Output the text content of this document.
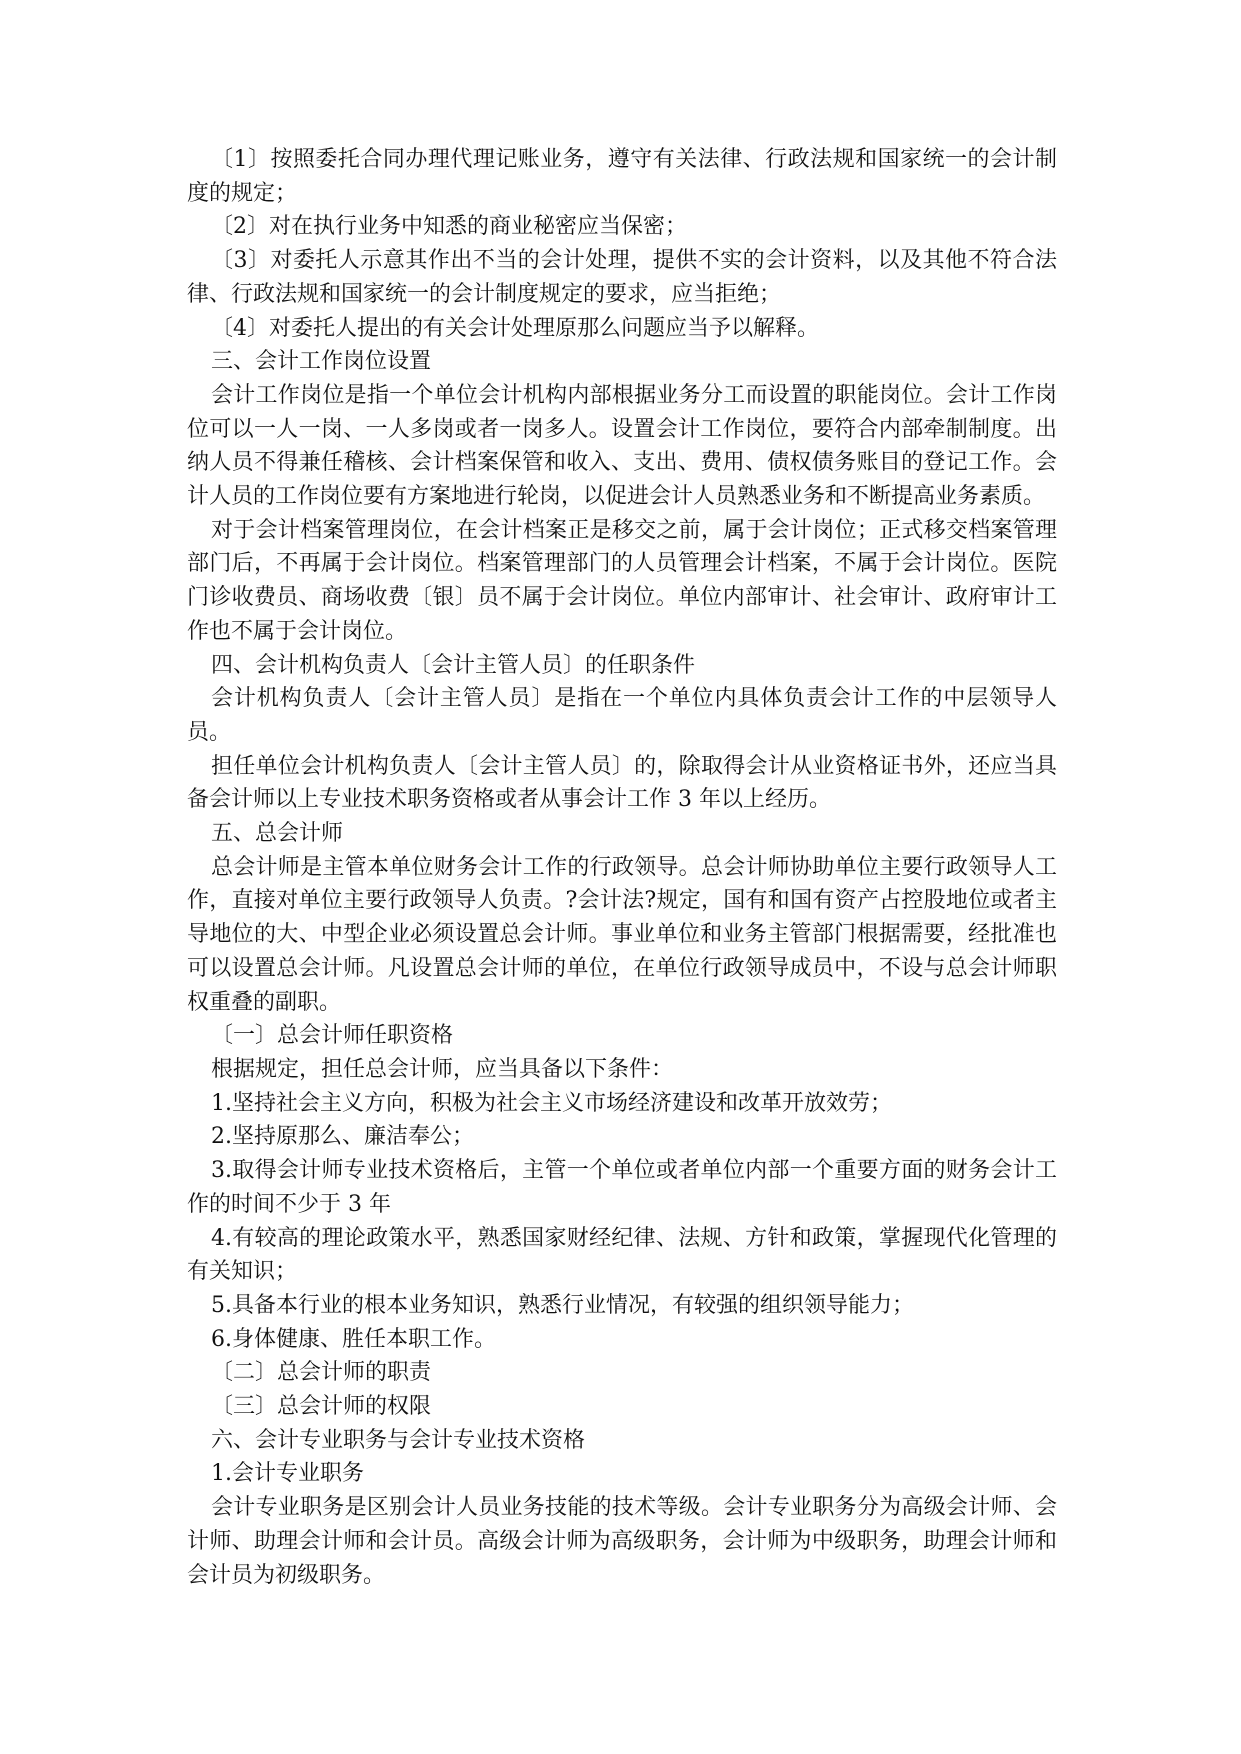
〔1〕按照委托合同办理代理记账业务，遵守有关法律、行政法规和国家统一的会计制度的规定；

〔2〕对在执行业务中知悉的商业秘密应当保密；

〔3〕对委托人示意其作出不当的会计处理，提供不实的会计资料，以及其他不符合法律、行政法规和国家统一的会计制度规定的要求，应当拒绝；

〔4〕对委托人提出的有关会计处理原那么问题应当予以解释。

三、会计工作岗位设置

会计工作岗位是指一个单位会计机构内部根据业务分工而设置的职能岗位。会计工作岗位可以一人一岗、一人多岗或者一岗多人。设置会计工作岗位，要符合内部牵制制度。出纳人员不得兼任稽核、会计档案保管和收入、支出、费用、债权债务账目的登记工作。会计人员的工作岗位要有方案地进行轮岗，以促进会计人员熟悉业务和不断提高业务素质。

对于会计档案管理岗位，在会计档案正是移交之前，属于会计岗位；正式移交档案管理部门后，不再属于会计岗位。档案管理部门的人员管理会计档案，不属于会计岗位。医院门诊收费员、商场收费〔银〕员不属于会计岗位。单位内部审计、社会审计、政府审计工作也不属于会计岗位。

四、会计机构负责人〔会计主管人员〕的任职条件

会计机构负责人〔会计主管人员〕是指在一个单位内具体负责会计工作的中层领导人员。

担任单位会计机构负责人〔会计主管人员〕的，除取得会计从业资格证书外，还应当具备会计师以上专业技术职务资格或者从事会计工作 3 年以上经历。

五、总会计师

总会计师是主管本单位财务会计工作的行政领导。总会计师协助单位主要行政领导人工作，直接对单位主要行政领导人负责。?会计法?规定，国有和国有资产占控股地位或者主导地位的大、中型企业必须设置总会计师。事业单位和业务主管部门根据需要，经批准也可以设置总会计师。凡设置总会计师的单位，在单位行政领导成员中，不设与总会计师职权重叠的副职。

〔一〕总会计师任职资格

根据规定，担任总会计师，应当具备以下条件：

1.坚持社会主义方向，积极为社会主义市场经济建设和改革开放效劳；

2.坚持原那么、廉洁奉公；

3.取得会计师专业技术资格后，主管一个单位或者单位内部一个重要方面的财务会计工作的时间不少于 3 年

4.有较高的理论政策水平，熟悉国家财经纪律、法规、方针和政策，掌握现代化管理的有关知识；

5.具备本行业的根本业务知识，熟悉行业情况，有较强的组织领导能力；

6.身体健康、胜任本职工作。

〔二〕总会计师的职责

〔三〕总会计师的权限

六、会计专业职务与会计专业技术资格

1.会计专业职务

会计专业职务是区别会计人员业务技能的技术等级。会计专业职务分为高级会计师、会计师、助理会计师和会计员。高级会计师为高级职务，会计师为中级职务，助理会计师和会计员为初级职务。
